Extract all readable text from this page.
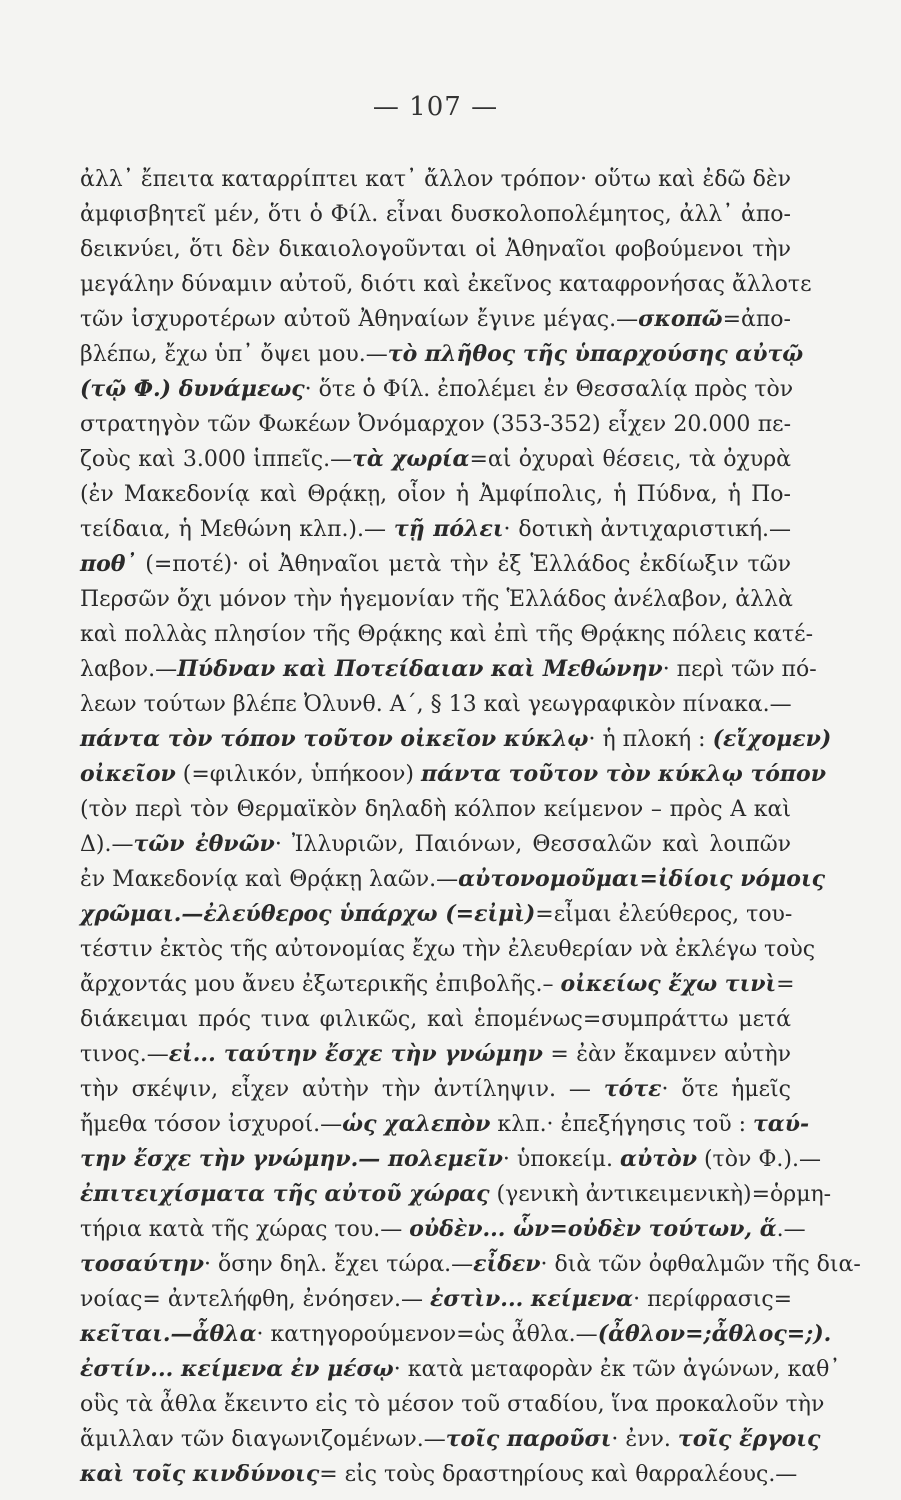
— 107 —
ἀλλ᾽ ἔπειτα καταρρίπτει κατ᾽ ἄλλον τρόπον· οὕτω καὶ ἐδῶ δὲν
ἀμφισβητεῖ μέν, ὅτι ὁ Φίλ. εἶναι δυσκολοπολέμητος, ἀλλ᾽ ἀπο-
δεικνύει, ὅτι δὲν δικαιολογοῦνται οἱ Ἀθηναῖοι φοβούμενοι τὴν
μεγάλην δύναμιν αὐτοῦ, διότι καὶ ἐκεῖνος καταφρονήσας ἄλλοτε
τῶν ἰσχυροτέρων αὐτοῦ Ἀθηναίων ἔγινε μέγας.—σκοπῶ=ἀπο-
βλέπω, ἔχω ὑπ᾽ ὄψει μου.—τὸ πλῆθος τῆς ὑπαρχούσης αὐτῷ
(τῷ Φ.) δυνάμεως· ὅτε ὁ Φίλ. ἐπολέμει ἐν Θεσσαλίᾳ πρὸς τὸν
στρατηγὸν τῶν Φωκέων Ὀνόμαρχον (353-352) εἶχεν 20.000 πε-
ζοὺς καὶ 3.000 ἱππεῖς.—τὰ χωρία=αἱ ὀχυραὶ θέσεις, τὰ ὀχυρὰ
(ἐν Μακεδονίᾳ καὶ Θρᾴκῃ, οἷον ἡ Ἀμφίπολις, ἡ Πύδνα, ἡ Πο-
τείδαια, ἡ Μεθώνη κλπ.).— τῇ πόλει· δοτικὴ ἀντιχαριστική.—
ποθ᾽ (=ποτέ)· οἱ Ἀθηναῖοι μετὰ τὴν ἐξ Ἑλλάδος ἐκδίωξιν τῶν
Περσῶν ὄχι μόνον τὴν ἡγεμονίαν τῆς Ἑλλάδος ἀνέλαβον, ἀλλὰ
καὶ πολλὰς πλησίον τῆς Θρᾴκης καὶ ἐπὶ τῆς Θρᾴκης πόλεις κατέ-
λαβον.—Πύδναν καὶ Ποτείδαιαν καὶ Μεθώνην· περὶ τῶν πό-
λεων τούτων βλέπε Ὀλυνθ. Α´, § 13 καὶ γεωγραφικὸν πίνακα.—
πάντα τὸν τόπον τοῦτον οἰκεῖον κύκλῳ· ἡ πλοκή : (εἴχομεν)
οἰκεῖον (=φιλικόν, ὑπήκοον) πάντα τοῦτον τὸν κύκλῳ τόπον
(τὸν περὶ τὸν Θερμαϊκὸν δηλαδὴ κόλπον κείμενον – πρὸς Α καὶ
Δ).—τῶν ἐθνῶν· Ἰλλυριῶν, Παιόνων, Θεσσαλῶν καὶ λοιπῶν
ἐν Μακεδονίᾳ καὶ Θρᾴκῃ λαῶν.—αὐτονομοῦμαι=ἰδίοις νόμοις
χρῶμαι.—ἐλεύθερος ὑπάρχω (=εἰμὶ)=εἶμαι ἐλεύθερος, του-
τέστιν ἐκτὸς τῆς αὐτονομίας ἔχω τὴν ἐλευθερίαν νὰ ἐκλέγω τοὺς
ἄρχοντάς μου ἄνευ ἐξωτερικῆς ἐπιβολῆς.– οἰκείως ἔχω τινὶ=
διάκειμαι πρός τινα φιλικῶς, καὶ ἑπομένως=συμπράττω μετά
τινος.—εἰ... ταύτην ἔσχε τὴν γνώμην = ἐὰν ἔκαμνεν αὐτὴν
τὴν σκέψιν, εἶχεν αὐτὴν τὴν ἀντίληψιν. — τότε· ὅτε ἡμεῖς
ἤμεθα τόσον ἰσχυροί.—ὡς χαλεπὸν κλπ.· ἐπεξήγησις τοῦ : ταύ-
την ἔσχε τὴν γνώμην.— πολεμεῖν· ὑποκείμ. αὐτὸν (τὸν Φ.).—
ἐπιτειχίσματα τῆς αὐτοῦ χώρας (γενικὴ ἀντικειμενικὴ)=ὁρμη-
τήρια κατὰ τῆς χώρας του.— οὐδὲν... ὧν=οὐδὲν τούτων, ἅ.—
τοσαύτην· ὅσην δηλ. ἔχει τώρα.—εἶδεν· διὰ τῶν ὀφθαλμῶν τῆς δια-
νοίας= ἀντελήφθη, ἐνόησεν.— ἐστὶν... κείμενα· περίφρασις=
κεῖται.—ἆθλα· κατηγορούμενον=ὡς ἆθλα.—(ἆθλον=;ἆθλος=;).
ἐστίν... κείμενα ἐν μέσῳ· κατὰ μεταφορὰν ἐκ τῶν ἀγώνων, καθ᾽
οὓς τὰ ἆθλα ἔκειντο εἰς τὸ μέσον τοῦ σταδίου, ἵνα προκαλοῦν τὴν
ἅμιλλαν τῶν διαγωνιζομένων.—τοῖς παροῦσι· ἐνν. τοῖς ἔργοις
καὶ τοῖς κινδύνοις= εἰς τοὺς δραστηρίους καὶ θαρραλέους.—
